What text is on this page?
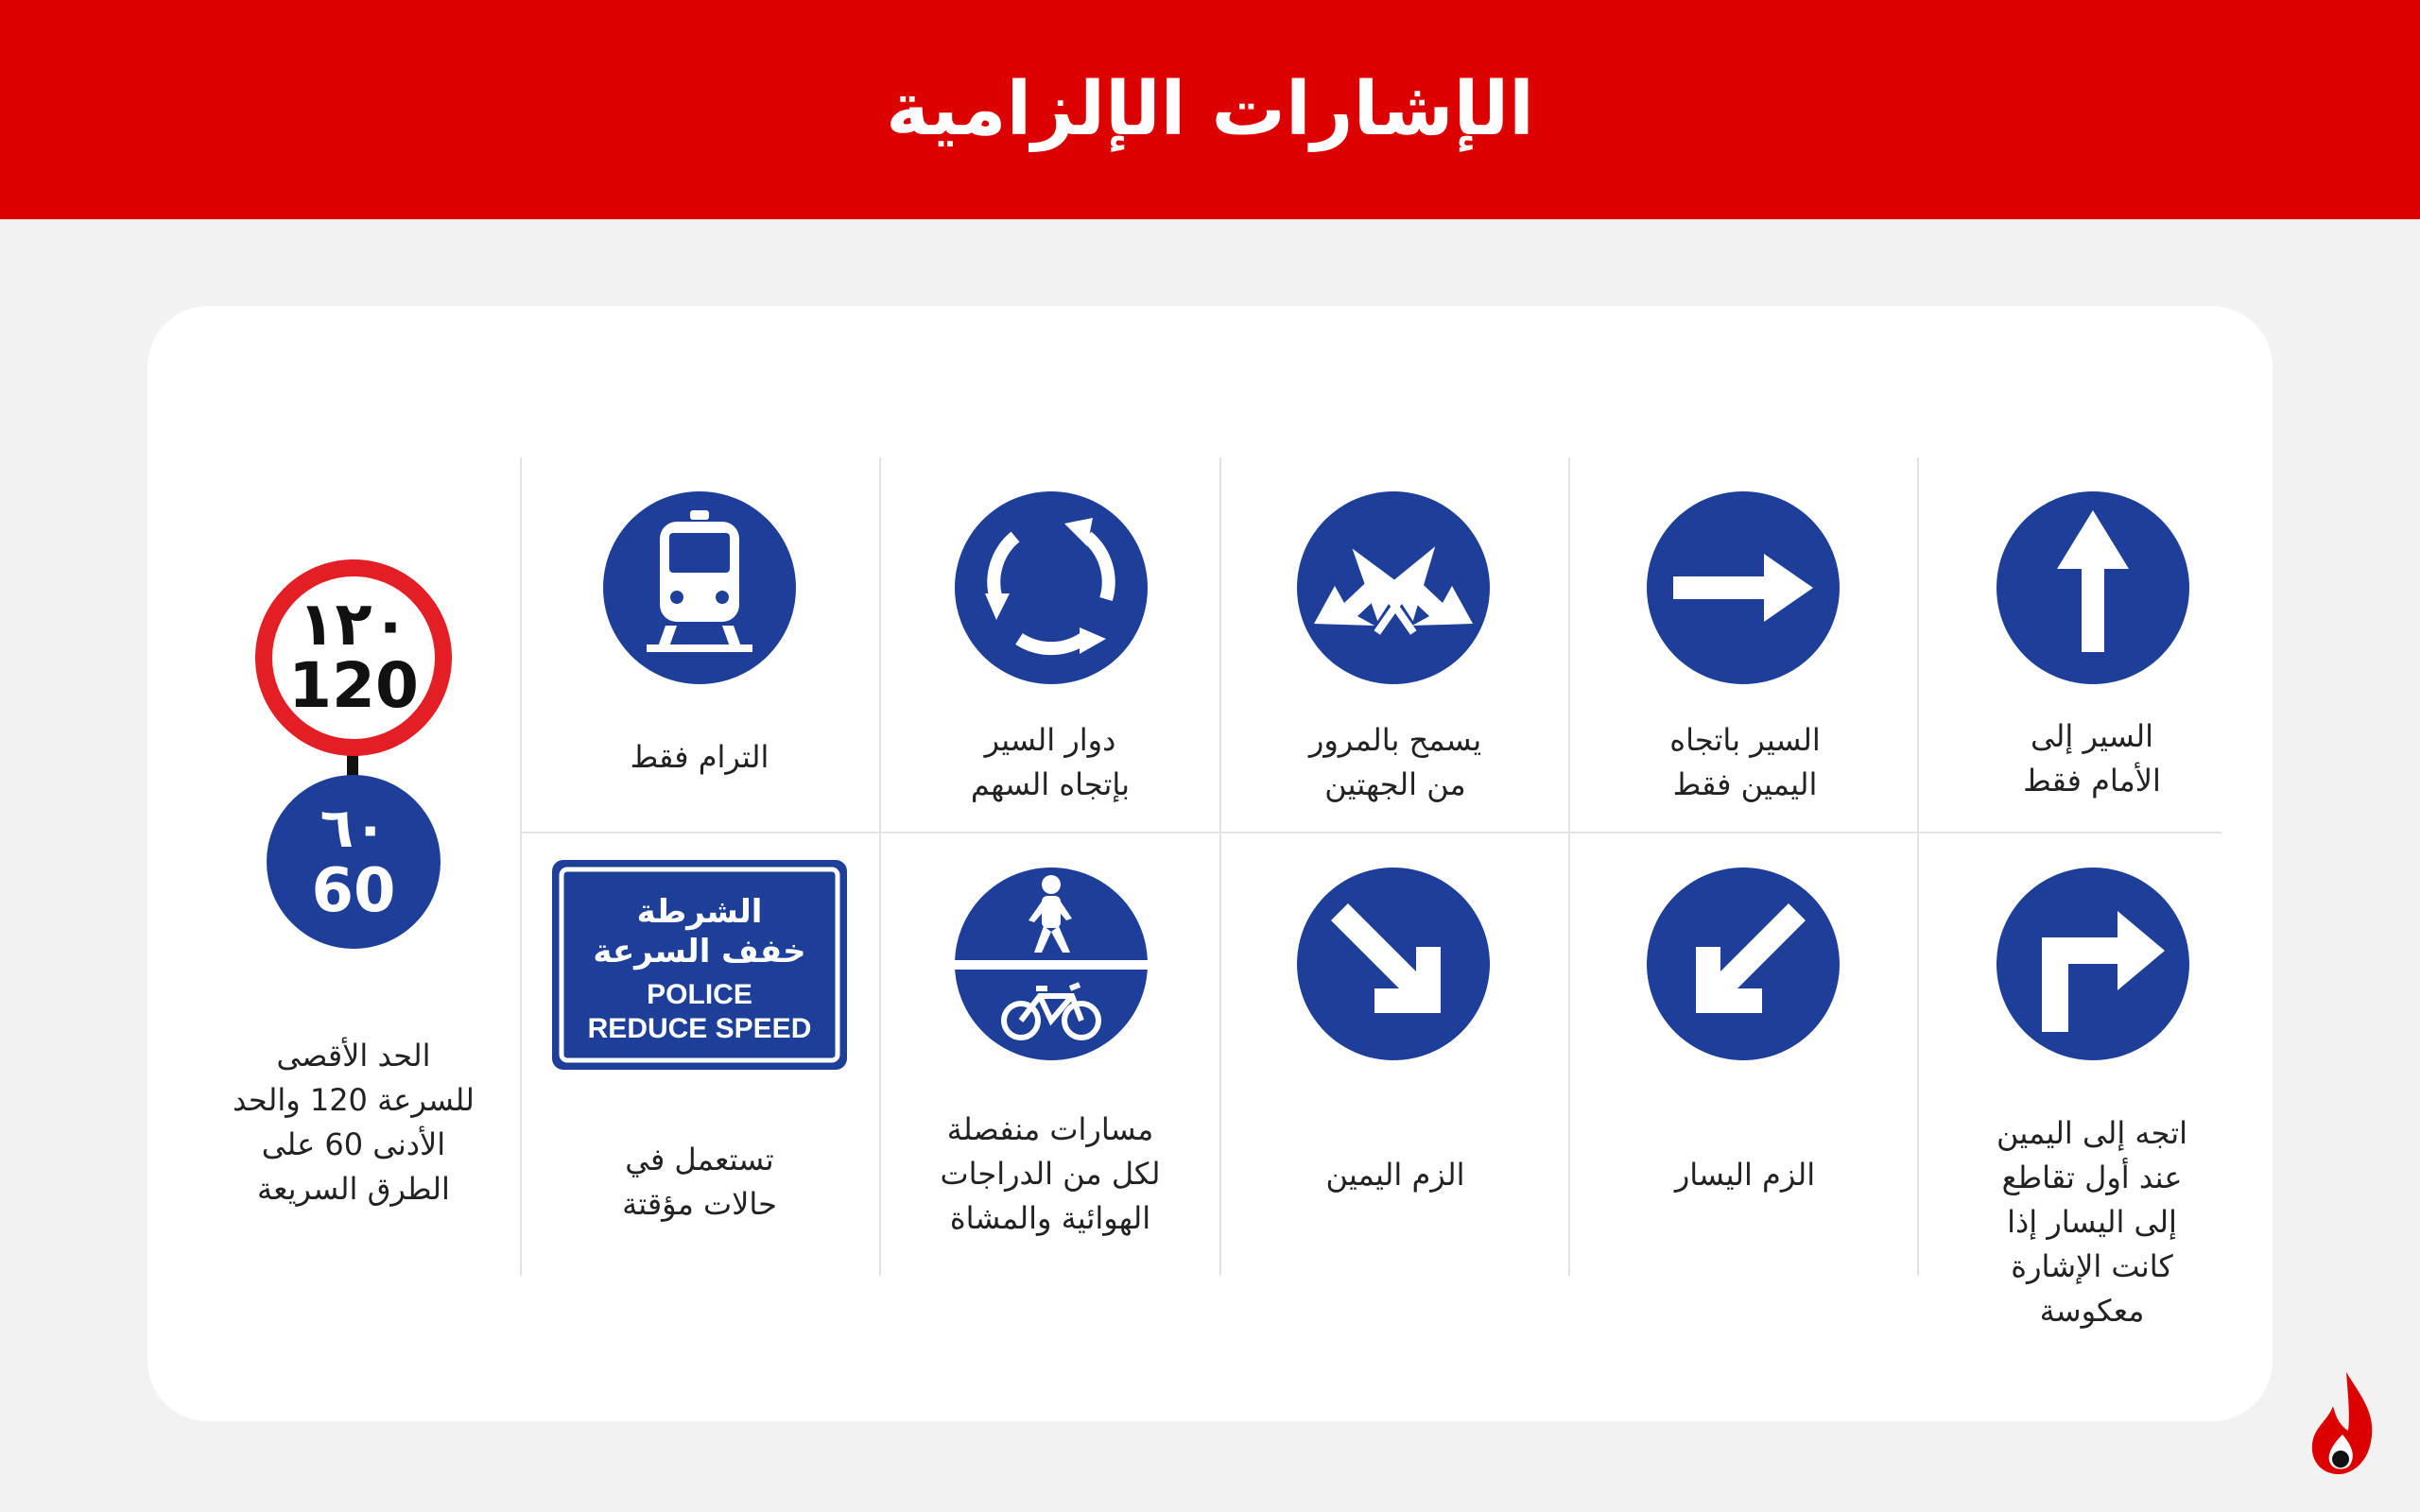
الإشارات الإلزامية
١٢٠
120
٦٠
60
الحد الأقصى
للسرعة 120 والحد
الأدنى 60 على
الطرق السريعة
السير إلى
الأمام فقط
السير باتجاه
اليمين فقط
يسمح بالمرور
من الجهتين
دوار السير
بإتجاه السهم
الترام فقط
اتجه إلى اليمين
عند أول تقاطع
إلى اليسار إذا
كانت الإشارة
معكوسة
الزم اليسار
الزم اليمين
مسارات منفصلة
لكل من الدراجات
الهوائية والمشاة
الشرطة
خفف السرعة
POLICE
REDUCE SPEED
تستعمل في
حالات مؤقتة
